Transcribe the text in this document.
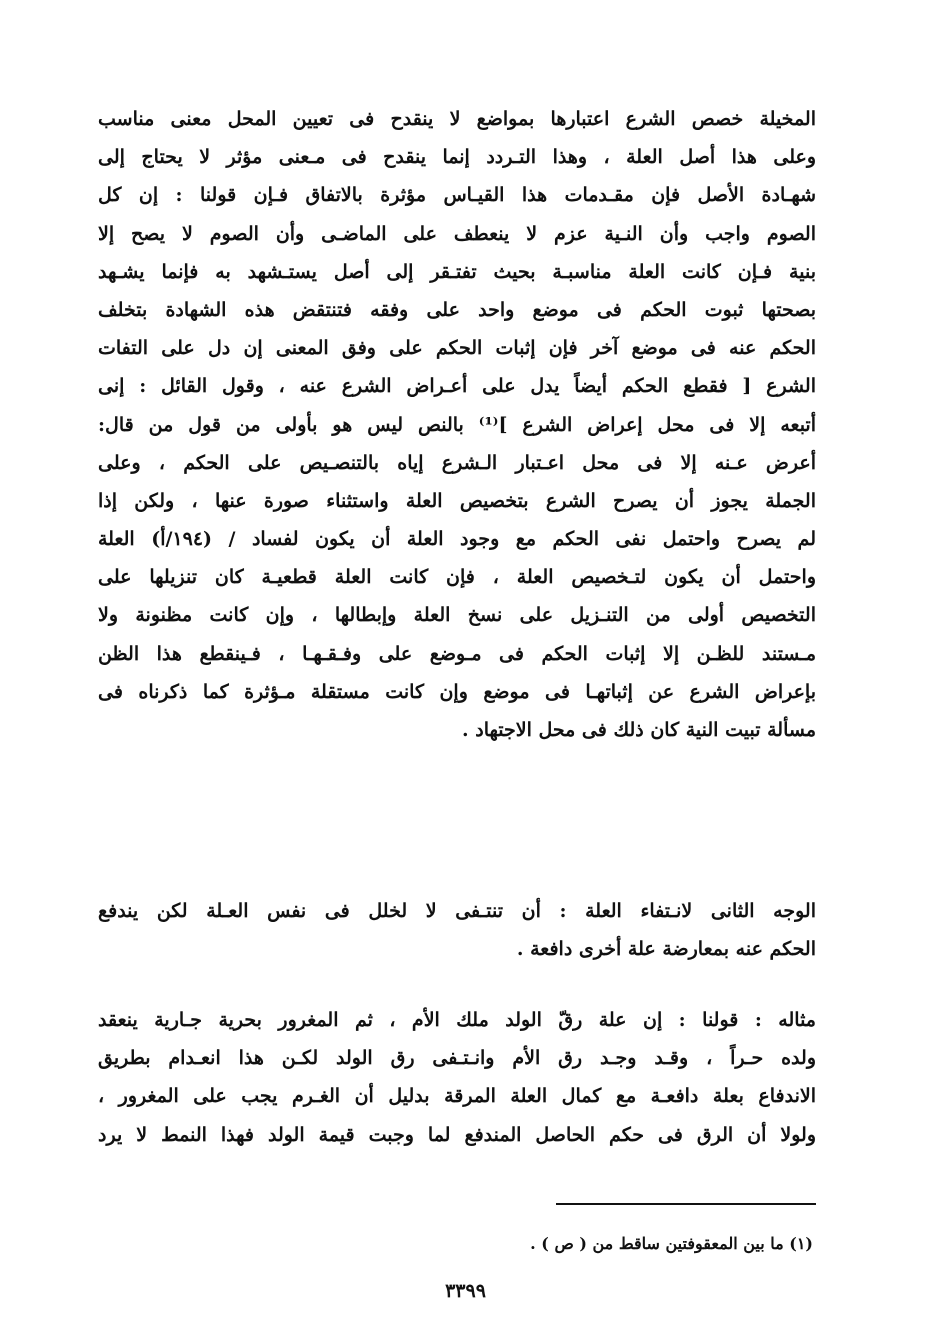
المخيلة خصص الشرع اعتبارها بمواضع لا ينقدح فى تعيين المحل معنى مناسب
وعلى هذا أصل العلة ، وهذا التـردد إنما ينقدح فى مـعنى مؤثر لا يحتاج إلى
شهـادة الأصل فإن مقـدمات هذا القيـاس مؤثرة بالاتفاق فـإن قولنا : إن كل
الصوم واجب وأن النـية عزم لا ينعطف على الماضـى وأن الصوم لا يصح إلا
بنية فـإن كانت العلة مناسبـة بحيث تفتـقر إلى أصل يستـشهد به فإنما يشـهد
بصحتها ثبوت الحكم فى موضع واحد على وفقه فتنتقض هذه الشهادة بتخلف
الحكم عنه فى موضع آخر فإن إثبات الحكم على وفق المعنى إن دل على التفات
الشرع [ فقطع الحكم أيضاً يدل على أعـراض الشرع عنه ، وقول القائل : إنى
أتبعه إلا فى محل إعراض الشرع ]⁽¹⁾ بالنص ليس هو بأولى من قول من قال:
أعرض عـنه إلا فى محل اعـتبار الـشرع إياه بالتنصـيص على الحكم ، وعلى
الجملة يجوز أن يصرح الشرع بتخصيص العلة واستثناء صورة عنها ، ولكن إذا
لم يصرح واحتمل نفى الحكم مع وجود العلة أن يكون لفساد / (١٩٤/أ) العلة
واحتمل أن يكون لتـخصيص العلة ، فإن كانت العلة قطعيـة كان تنزيلها على
التخصيص أولى من التنـزيل على نسخ العلة وإبطالها ، وإن كانت مظنونة ولا
مـستند للظـن إلا إثبات الحكم فى مـوضع على وفـقـهـا ، فـينقطع هذا الظن
بإعراض الشرع عن إثباتهـا فى موضع وإن كانت مستقلة مـؤثرة كما ذكرناه فى
مسألة تبيت النية كان ذلك فى محل الاجتهاد .
الوجه الثانى لانـتفاء العلة : أن تنتـفى لا لخلل فى نفس العـلة لكن يندفع
الحكم عنه بمعارضة علة أخرى دافعة .
مثاله : قولنا : إن علة رقّ الولد ملك الأم ، ثم المغرور بحرية جـارية ينعقد
ولده حـراً ، وقـد وجـد رق الأم وانـتـفى رق الولد لكـن هذا انعـدام بطريق
الاندفاع بعلة دافعـة مع كمال العلة المرقة بدليل أن الغـرم يجب على المغرور ،
ولولا أن الرق فى حكم الحاصل المندفع لما وجبت قيمة الولد فهذا النمط لا يرد
(١) ما بين المعقوفتين ساقط من ( ص ) .
٣٣٩٩
